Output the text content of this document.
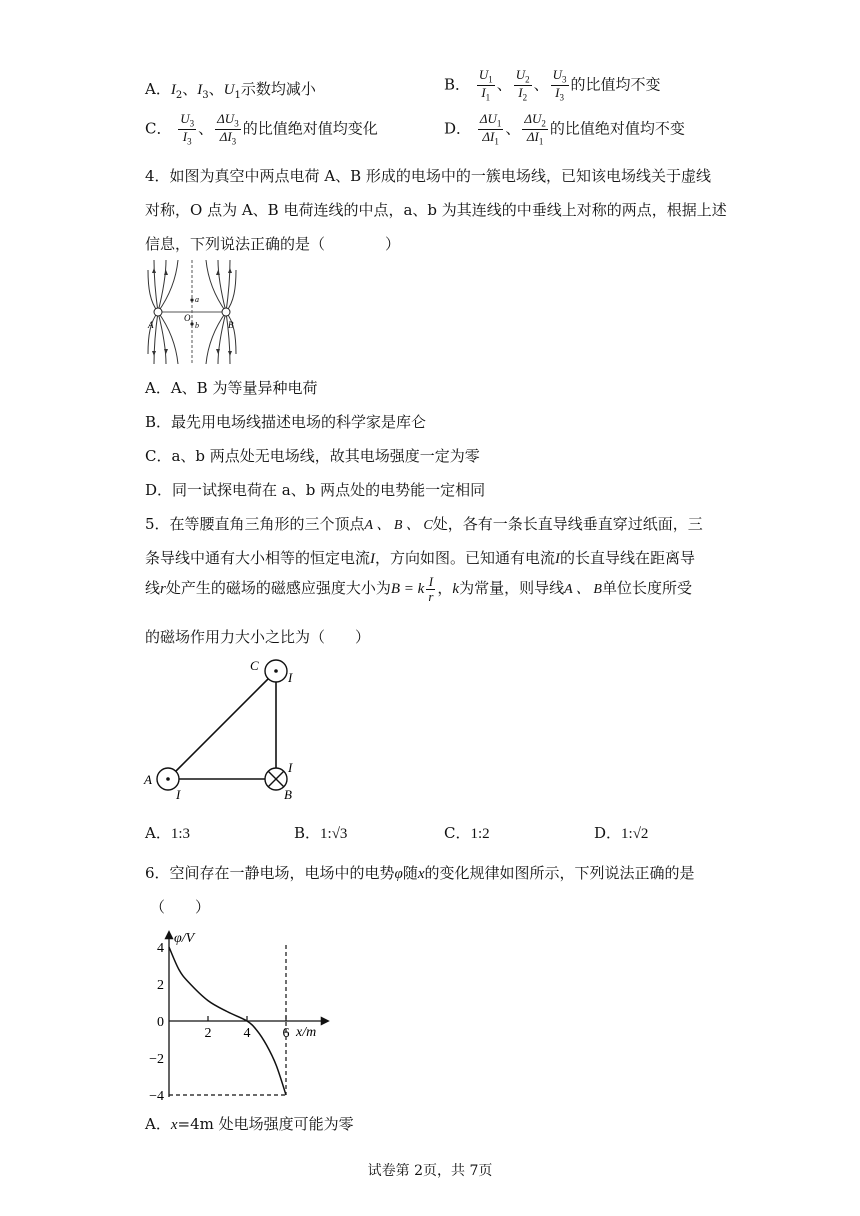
A．$I_2$、$I_3$、$U_1$示数均减小	B． $\frac{U_1}{I_1}$ 、 $\frac{U_2}{I_2}$ 、 $\frac{U_3}{I_3}$ 的比值均不变
C． $\frac{U_3}{I_3}$ 、 $\frac{\Delta U_3}{\Delta I_3}$ 的比值绝对值均变化	D． $\frac{\Delta U_1}{\Delta I_1}$ 、 $\frac{\Delta U_2}{\Delta I_1}$ 的比值绝对值均不变
4．如图为真空中两点电荷 A、B 形成的电场中的一簇电场线，已知该电场线关于虚线
对称，O 点为 A、B 电荷连线的中点，a、b 为其连线的中垂线上对称的两点，根据上述
信息，下列说法正确的是（　　　　）
A	B
O
a
b
A．A、B 为等量异种电荷
B．最先用电场线描述电场的科学家是库仑
C．a、b 两点处无电场线，故其电场强度一定为零
D．同一试探电荷在 a、b 两点处的电势能一定相同
5．在等腰直角三角形的三个顶点A 、 B 、 C处，各有一条长直导线垂直穿过纸面，三
条导线中通有大小相等的恒定电流I，方向如图。已知通有电流I的长直导线在距离导
线r处产生的磁场的磁感应强度大小为B = k $\frac{I}{r}$ ，k为常量，则导线A 、 B单位长度所受
的磁场作用力大小之比为（　　）
C
I
A
I
I
B
A．1:3	B．1:√3	C．1:2	D．1:√2
6．空间存在一静电场，电场中的电势φ随x的变化规律如图所示，下列说法正确的是
（　　）
φ/V
x/m
4
2
0
−2
−4
2 4 6
A．x=4m 处电场强度可能为零
试卷第 2页，共 7页
